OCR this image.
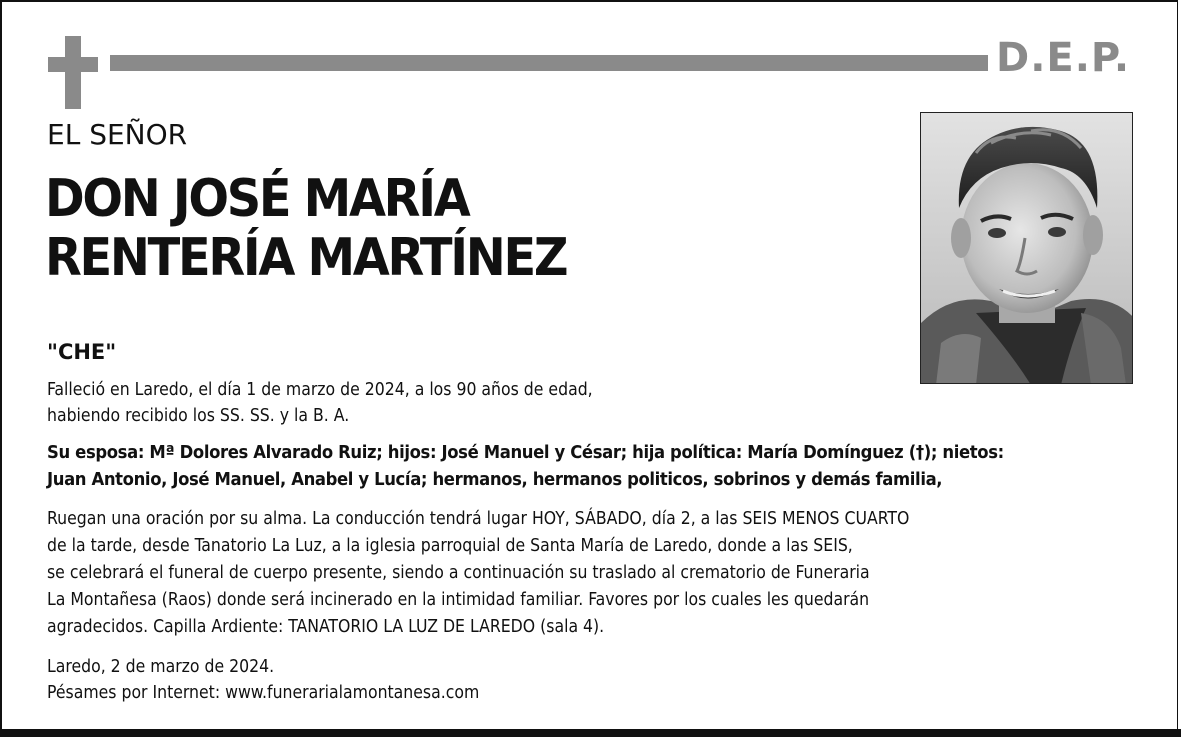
D.E.P.
EL SEÑOR
DON JOSÉ MARÍA
RENTERÍA MARTÍNEZ
"CHE"
Falleció en Laredo, el día 1 de marzo de 2024, a los 90 años de edad,
habiendo recibido los SS. SS. y la B. A.
Su esposa: Mª Dolores Alvarado Ruiz; hijos: José Manuel y César; hija política: María Domínguez (†); nietos:
Juan Antonio, José Manuel, Anabel y Lucía; hermanos, hermanos politicos, sobrinos y demás familia,
Ruegan una oración por su alma. La conducción tendrá lugar HOY, SÁBADO, día 2, a las SEIS MENOS CUARTO
de la tarde, desde Tanatorio La Luz, a la iglesia parroquial de Santa María de Laredo, donde a las SEIS,
se celebrará el funeral de cuerpo presente, siendo a continuación su traslado al crematorio de Funeraria
La Montañesa (Raos) donde será incinerado en la intimidad familiar. Favores por los cuales les quedarán
agradecidos. Capilla Ardiente: TANATORIO LA LUZ DE LAREDO (sala 4).
Laredo, 2 de marzo de 2024.
Pésames por Internet: www.funerarialamontanesa.com
